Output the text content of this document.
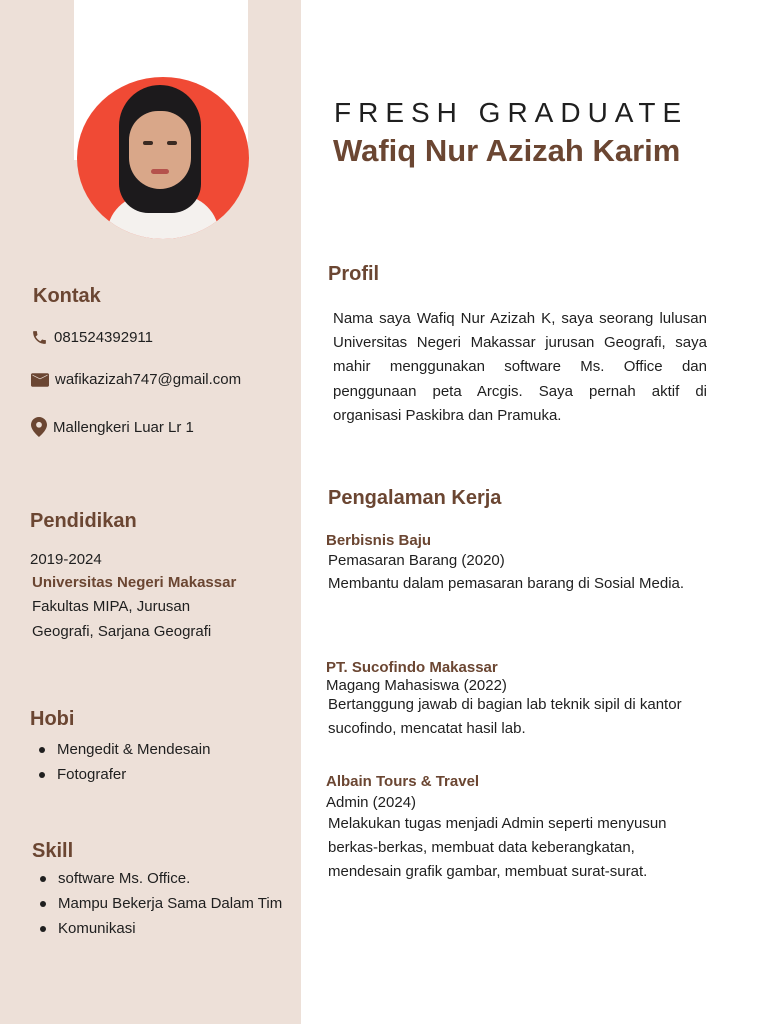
Kontak
081524392911
wafikazizah747@gmail.com
Mallengkeri Luar Lr 1
Pendidikan
2019-2024
Universitas Negeri Makassar
Fakultas MIPA, Jurusan
Geografi, Sarjana Geografi
Hobi
Mengedit & Mendesain
Fotografer
Skill
software Ms. Office.
Mampu Bekerja Sama Dalam Tim
Komunikasi
FRESH GRADUATE
Wafiq Nur Azizah Karim
Profil
Nama saya Wafiq Nur Azizah K, saya seorang lulusan Universitas Negeri Makassar jurusan Geografi, saya mahir menggunakan software Ms. Office dan penggunaan peta Arcgis. Saya pernah aktif di organisasi Paskibra dan Pramuka.
Pengalaman Kerja
Berbisnis Baju
Pemasaran Barang (2020)
Membantu dalam pemasaran barang di Sosial Media.
PT. Sucofindo Makassar
Magang Mahasiswa (2022)
Bertanggung jawab di bagian lab teknik sipil di kantor sucofindo, mencatat hasil lab.
Albain Tours & Travel
Admin (2024)
Melakukan tugas menjadi Admin seperti menyusun berkas-berkas, membuat data keberangkatan, mendesain grafik gambar, membuat surat-surat.
